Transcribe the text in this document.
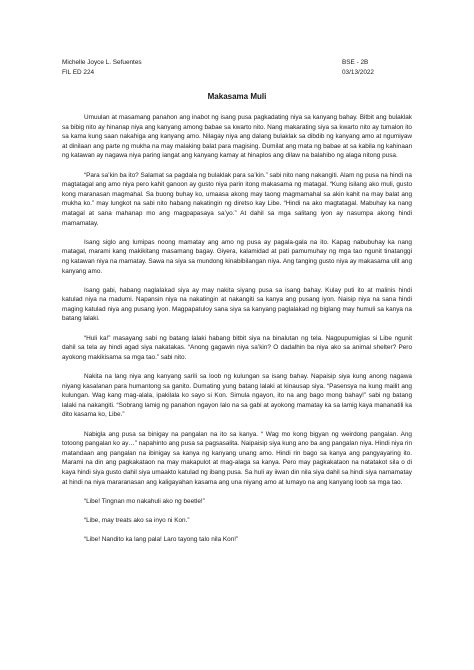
Michelle Joyce L. Sefuentes	BSE - 2B
FIL ED 224	03/13/2022
Makasama Muli

Umuulan at masamang panahon ang inabot ng isang pusa pagkadating niya sa kanyang bahay. Bitbit ang bulaklak sa bibig nito ay hinanap niya ang kanyang among babae sa kwarto nito. Nang makarating siya sa kwarto nito ay tumalon ito sa kama kung saan nakahiga ang kanyang amo. Nilagay niya ang dalang bulaklak sa dibdib ng kanyang amo at ngumiyaw at dinilaan ang parte ng mukha na may malaking balat para magising. Dumilat ang mata ng babae at sa kabila ng kahinaan ng katawan ay nagawa niya paring iangat ang kanyang kamay at hinaplos ang dilaw na balahibo ng alaga nitong pusa.

“Para sa’kin ba ito? Salamat sa pagdala ng bulaklak para sa’kin.” sabi nito nang nakangiti. Alam ng pusa na hindi na magtatagal ang amo niya pero kahit ganoon ay gusto niya parin itong makasama ng matagal. “Kung isilang ako muli, gusto kong maranasan magmahal. Sa buong buhay ko, umaasa akong may taong magmamahal sa akin kahit na may balat ang mukha ko.” may lungkot na sabi nito habang nakatingin ng diretso kay Libe. “Hindi na ako magtatagal. Mabuhay ka nang matagal at sana mahanap mo ang magpapasaya sa’yo.” At dahil sa mga salitang iyon ay nasumpa akong hindi mamamatay.

Isang siglo ang lumipas noong mamatay ang amo ng pusa ay pagala-gala na ito. Kapag nabubuhay ka nang matagal, marami kang makikitang masamang bagay. Giyera, kalamidad at pati pamumuhay ng mga tao ngunit tinatanggi ng katawan niya na mamatay. Sawa na siya sa mundong kinabibilangan niya. Ang tanging gusto niya ay makasama ulit ang kanyang amo.

Isang gabi, habang naglalakad siya ay may nakita siyang pusa sa isang bahay. Kulay puti ito at malinis hindi katulad niya na madumi. Napansin niya na nakatingin at nakangiti sa kanya ang pusang iyon. Naisip niya na sana hindi maging katulad niya ang pusang iyon. Magpapatuloy sana siya sa kanyang paglalakad ng biglang may humuli sa kanya na batang lalaki.

“Huli ka!” masayang sabi ng batang lalaki habang bitbit siya na binalutan ng tela. Nagpupumiglas si Libe ngunit dahil sa tela ay hindi agad siya nakatakas. “Anong gagawin niya sa’kin? O dadalhin ba niya ako sa animal shelter? Pero ayokong makikisama sa mga tao.” sabi nito.

Nakita na lang niya ang kanyang sarili sa loob ng kulungan sa isang bahay. Napaisip siya kung anong nagawa niyang kasalanan para humantong sa ganito. Dumating yung batang lalaki at kinausap siya. “Pasensya na kung mailit ang kulungan. Wag kang mag-alala, ipakilala ko sayo si Kon. Simula ngayon, ito na ang bago mong bahay!” sabi ng batang lalaki na nakangiti. “Sobrang lamig ng panahon ngayon lalo na sa gabi at ayokong mamatay ka sa lamig kaya mananatili ka dito kasama ko, Libe.”

Nabigla ang pusa sa binigay na pangalan na ito sa kanya. “ Wag mo kong bigyan ng weirdong pangalan. Ang totoong pangalan ko ay…” napahinto ang pusa sa pagsasalita. Naipaisip siya kung ano ba ang pangalan niya. Hindi niya rin matandaan ang pangalan na ibinigay sa kanya ng kanyang unang amo. Hindi rin bago sa kanya ang pangyayaring ito. Marami na din ang pagkakataon na may makapulot at mag-alaga sa kanya. Pero may pagkakataon na natatakot sila o di kaya hindi siya gusto dahil siya umaakto katulad ng ibang pusa. Sa huli ay iiwan din nila siya dahil sa hindi siya namamatay at hindi na niya mararanasan ang kaligayahan kasama ang una niyang amo at lumayo na ang kanyang loob sa mga tao.

“Libe! Tingnan mo nakahuli ako ng beetle!”

“Libe, may treats ako sa inyo ni Kon.”

“Libe! Nandito ka lang pala! Laro tayong talo nila Kon!”
